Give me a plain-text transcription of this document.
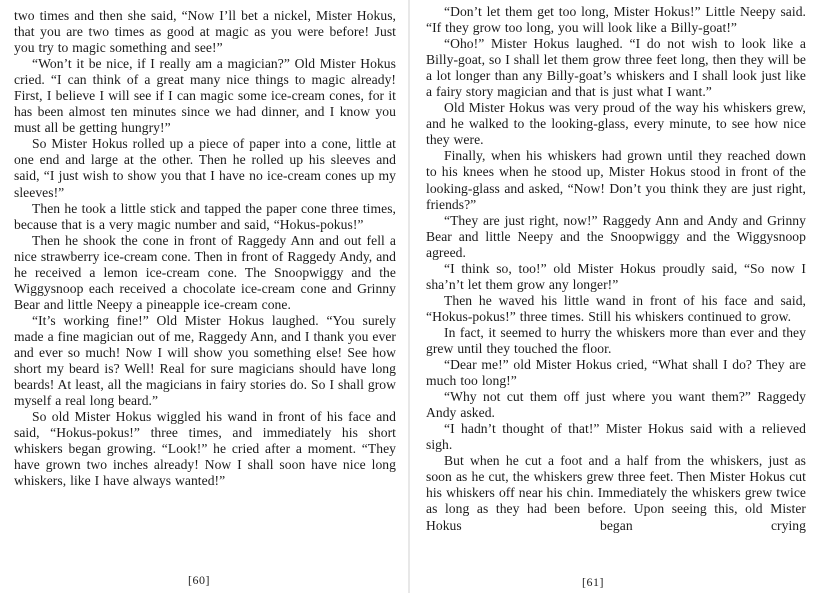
two times and then she said, “Now I’ll bet a nickel, Mister Hokus, that you are two times as good at magic as you were before! Just you try to magic something and see!”

“Won’t it be nice, if I really am a magician?” Old Mister Hokus cried. “I can think of a great many nice things to magic already! First, I believe I will see if I can magic some ice-cream cones, for it has been almost ten minutes since we had dinner, and I know you must all be getting hungry!”

So Mister Hokus rolled up a piece of paper into a cone, little at one end and large at the other. Then he rolled up his sleeves and said, “I just wish to show you that I have no ice-cream cones up my sleeves!”

Then he took a little stick and tapped the paper cone three times, because that is a very magic number and said, “Hokus-pokus!”

Then he shook the cone in front of Raggedy Ann and out fell a nice strawberry ice-cream cone. Then in front of Raggedy Andy, and he received a lemon ice-cream cone. The Snoopwiggy and the Wiggysnoop each received a chocolate ice-cream cone and Grinny Bear and little Neepy a pineapple ice-cream cone.

“It’s working fine!” Old Mister Hokus laughed. “You surely made a fine magician out of me, Raggedy Ann, and I thank you ever and ever so much! Now I will show you something else! See how short my beard is? Well! Real for sure magicians should have long beards! At least, all the magicians in fairy stories do. So I shall grow myself a real long beard.”

So old Mister Hokus wiggled his wand in front of his face and said, “Hokus-pokus!” three times, and immediately his short whiskers began growing. “Look!” he cried after a moment. “They have grown two inches already! Now I shall soon have nice long whiskers, like I have always wanted!”

[60]

“Don’t let them get too long, Mister Hokus!” Little Neepy said. “If they grow too long, you will look like a Billy-goat!”

“Oho!” Mister Hokus laughed. “I do not wish to look like a Billy-goat, so I shall let them grow three feet long, then they will be a lot longer than any Billy-goat’s whiskers and I shall look just like a fairy story magician and that is just what I want.”

Old Mister Hokus was very proud of the way his whiskers grew, and he walked to the looking-glass, every minute, to see how nice they were.

Finally, when his whiskers had grown until they reached down to his knees when he stood up, Mister Hokus stood in front of the looking-glass and asked, “Now! Don’t you think they are just right, friends?”

“They are just right, now!” Raggedy Ann and Andy and Grinny Bear and little Neepy and the Snoopwiggy and the Wiggysnoop agreed.

“I think so, too!” old Mister Hokus proudly said, “So now I sha’n’t let them grow any longer!”

Then he waved his little wand in front of his face and said, “Hokus-pokus!” three times. Still his whiskers continued to grow.

In fact, it seemed to hurry the whiskers more than ever and they grew until they touched the floor.

“Dear me!” old Mister Hokus cried, “What shall I do? They are much too long!”

“Why not cut them off just where you want them?” Raggedy Andy asked.

“I hadn’t thought of that!” Mister Hokus said with a relieved sigh.

But when he cut a foot and a half from the whiskers, just as soon as he cut, the whiskers grew three feet. Then Mister Hokus cut his whiskers off near his chin. Immediately the whiskers grew twice as long as they had been before. Upon seeing this, old Mister Hokus began crying

[61]
